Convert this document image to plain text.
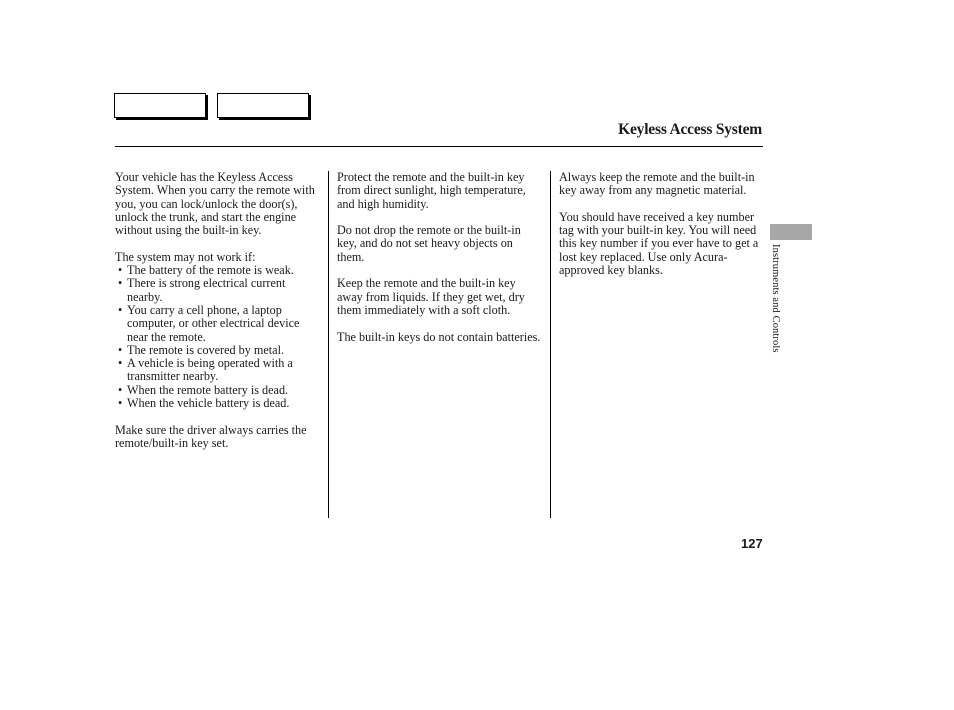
Keyless Access System

Your vehicle has the Keyless Access System. When you carry the remote with you, you can lock/unlock the door(s), unlock the trunk, and start the engine without using the built-in key.

The system may not work if:

• The battery of the remote is weak.
• There is strong electrical current nearby.
• You carry a cell phone, a laptop computer, or other electrical device near the remote.
• The remote is covered by metal.
• A vehicle is being operated with a transmitter nearby.
• When the remote battery is dead.
• When the vehicle battery is dead.

Make sure the driver always carries the remote/built-in key set.

Protect the remote and the built-in key from direct sunlight, high temperature, and high humidity.

Do not drop the remote or the built-in key, and do not set heavy objects on them.

Keep the remote and the built-in key away from liquids. If they get wet, dry them immediately with a soft cloth.

The built-in keys do not contain batteries.

Always keep the remote and the built-in key away from any magnetic material.

You should have received a key number tag with your built-in key. You will need this key number if you ever have to get a lost key replaced. Use only Acura-approved key blanks.	Instruments and Controls
127
